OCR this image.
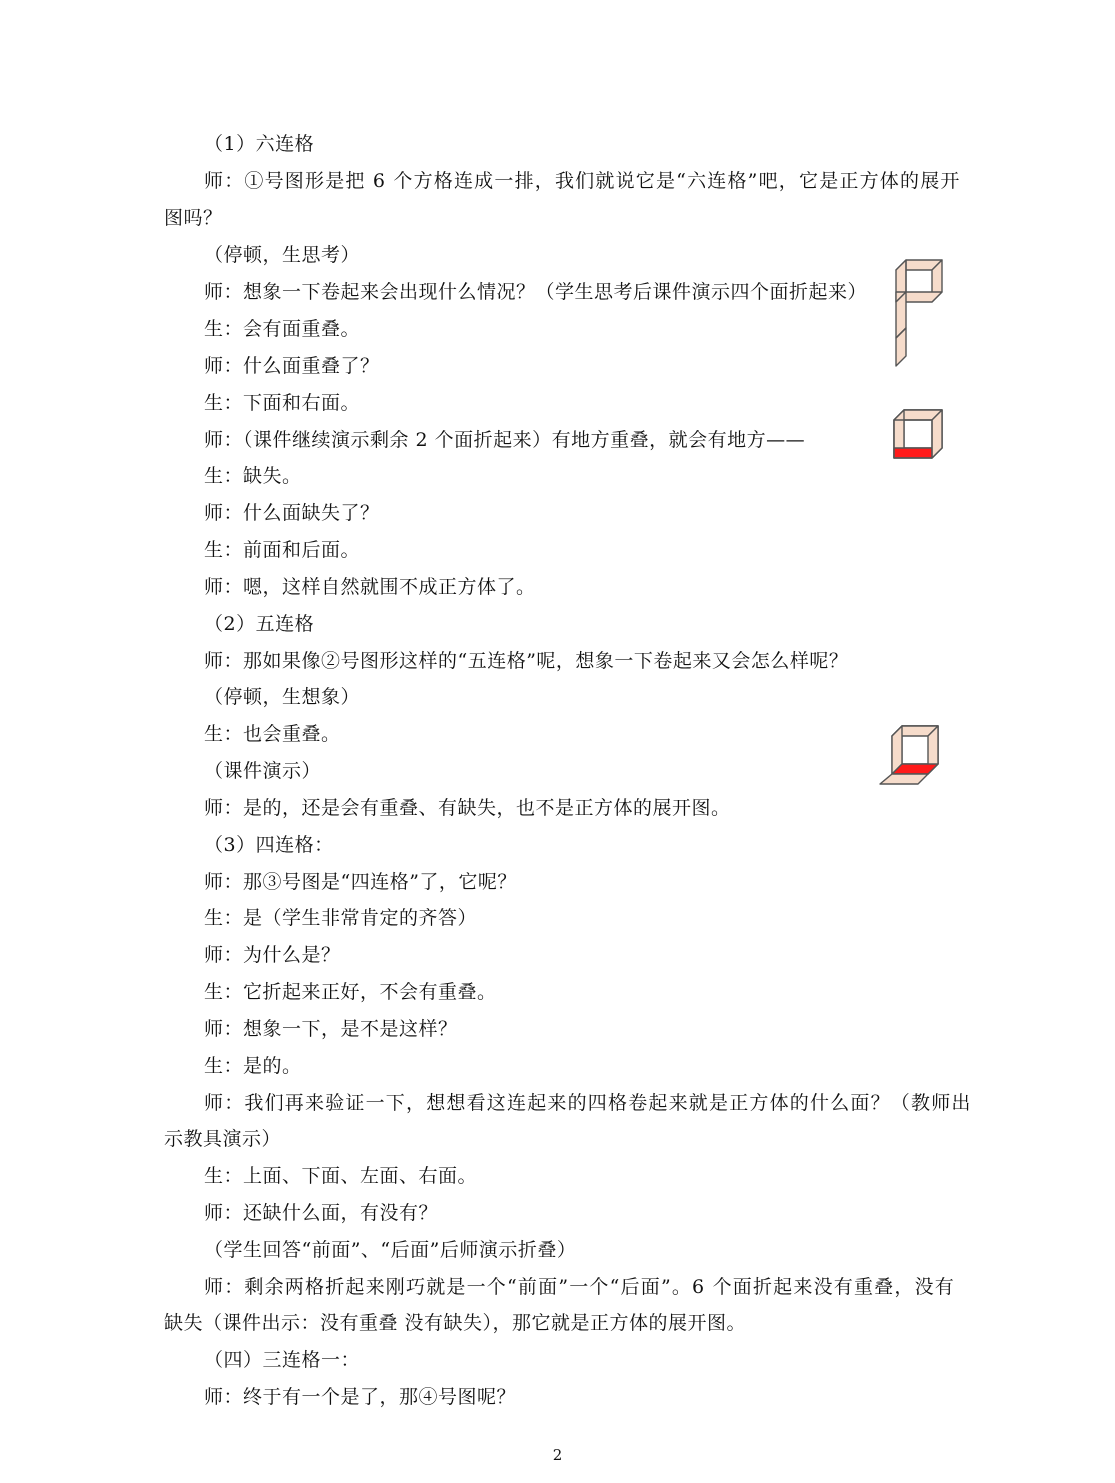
（1）六连格
师：①号图形是把 6 个方格连成一排，我们就说它是“六连格”吧，它是正方体的展开
图吗？
（停顿，生思考）
师：想象一下卷起来会出现什么情况？（学生思考后课件演示四个面折起来）
生：会有面重叠。
师：什么面重叠了？
生：下面和右面。
师：（课件继续演示剩余 2 个面折起来）有地方重叠，就会有地方——
生：缺失。
师：什么面缺失了？
生：前面和后面。
师：嗯，这样自然就围不成正方体了。
（2）五连格
师：那如果像②号图形这样的“五连格”呢，想象一下卷起来又会怎么样呢？
（停顿，生想象）
生：也会重叠。
（课件演示）
师：是的，还是会有重叠、有缺失，也不是正方体的展开图。
（3）四连格：
师：那③号图是“四连格”了，它呢？
生：是（学生非常肯定的齐答）
师：为什么是？
生：它折起来正好，不会有重叠。
师：想象一下，是不是这样？
生：是的。
师：我们再来验证一下，想想看这连起来的四格卷起来就是正方体的什么面？（教师出
示教具演示）
生：上面、下面、左面、右面。
师：还缺什么面，有没有？
（学生回答“前面”、“后面”后师演示折叠）
师：剩余两格折起来刚巧就是一个“前面”一个“后面”。6 个面折起来没有重叠，没有
缺失（课件出示：没有重叠 没有缺失），那它就是正方体的展开图。
（四）三连格一：
师：终于有一个是了，那④号图呢？
2
